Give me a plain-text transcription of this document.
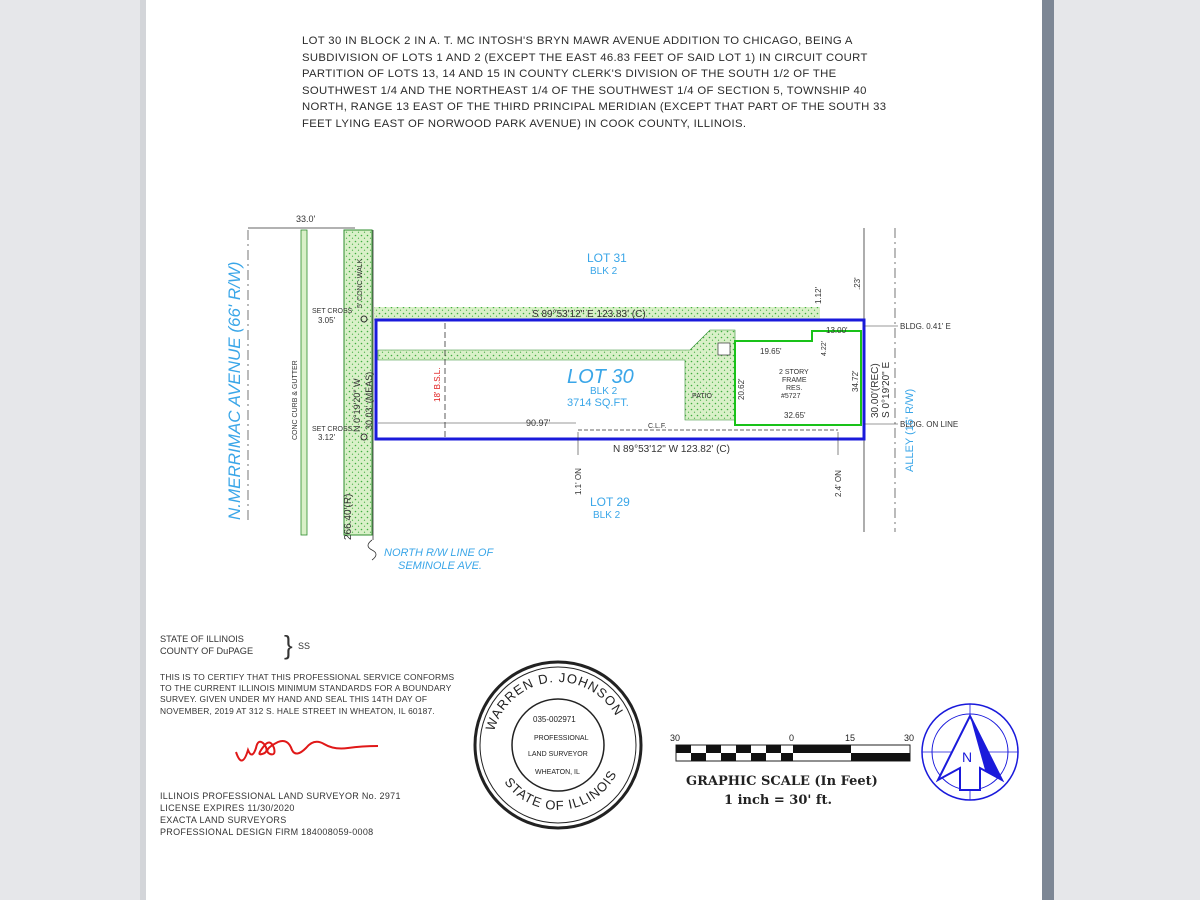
LOT 30 IN BLOCK 2 IN A. T. MC INTOSH'S BRYN MAWR AVENUE ADDITION TO CHICAGO, BEING A
SUBDIVISION OF LOTS 1 AND 2 (EXCEPT THE EAST 46.83 FEET OF SAID LOT 1) IN CIRCUIT COURT
PARTITION OF LOTS 13, 14 AND 15 IN COUNTY CLERK'S DIVISION OF THE SOUTH 1/2 OF THE
SOUTHWEST 1/4 AND THE NORTHEAST 1/4 OF THE SOUTHWEST 1/4 OF SECTION 5, TOWNSHIP 40
NORTH, RANGE 13 EAST OF THE THIRD PRINCIPAL MERIDIAN (EXCEPT THAT PART OF THE SOUTH 33
FEET LYING EAST OF NORWOOD PARK AVENUE) IN COOK COUNTY, ILLINOIS.

N.MERRIMAC AVENUE (66' R/W)
33.0'
CONC CURB & GUTTER
5' CONC WALK
PATIO
2 STORY
FRAME
RES.
#5727
19.65'
20.62'
32.65'
13.00'
34.72'
4.22'
1.12'
.23'
LOT 31
BLK 2
LOT 29
BLK 2
LOT 30
BLK 2
3714 SQ.FT.
S 89°53'12" E 123.83' (C)
N 89°53'12" W 123.82' (C)
N 0°19'20" W 30.03' (MEAS)
266.40'(R)
30.00'(REC) S 0°19'20" E
SET CROSS
3.05'
SET CROSS
3.12'
18' B.S.L.
90.97'	C.L.F.
1.1' ON	2.4' ON
BLDG. 0.41' E
BLDG. ON LINE
ALLEY (16' R/W)
NORTH R/W LINE OF
SEMINOLE AVE.
WARREN D. JOHNSON
STATE OF ILLINOIS
035-002971
PROFESSIONAL
LAND SURVEYOR
WHEATON, IL
30	0	15	30
N

STATE OF ILLINOIS
COUNTY OF DuPAGE } SS

THIS IS TO CERTIFY THAT THIS PROFESSIONAL SERVICE CONFORMS
TO THE CURRENT ILLINOIS MINIMUM STANDARDS FOR A BOUNDARY
SURVEY. GIVEN UNDER MY HAND AND SEAL THIS 14TH DAY OF
NOVEMBER, 2019 AT 312 S. HALE STREET IN WHEATON, IL 60187.

ILLINOIS PROFESSIONAL LAND SURVEYOR No. 2971
LICENSE EXPIRES 11/30/2020
EXACTA LAND SURVEYORS
PROFESSIONAL DESIGN FIRM 184008059-0008

GRAPHIC SCALE (In Feet)
1 inch = 30' ft.
